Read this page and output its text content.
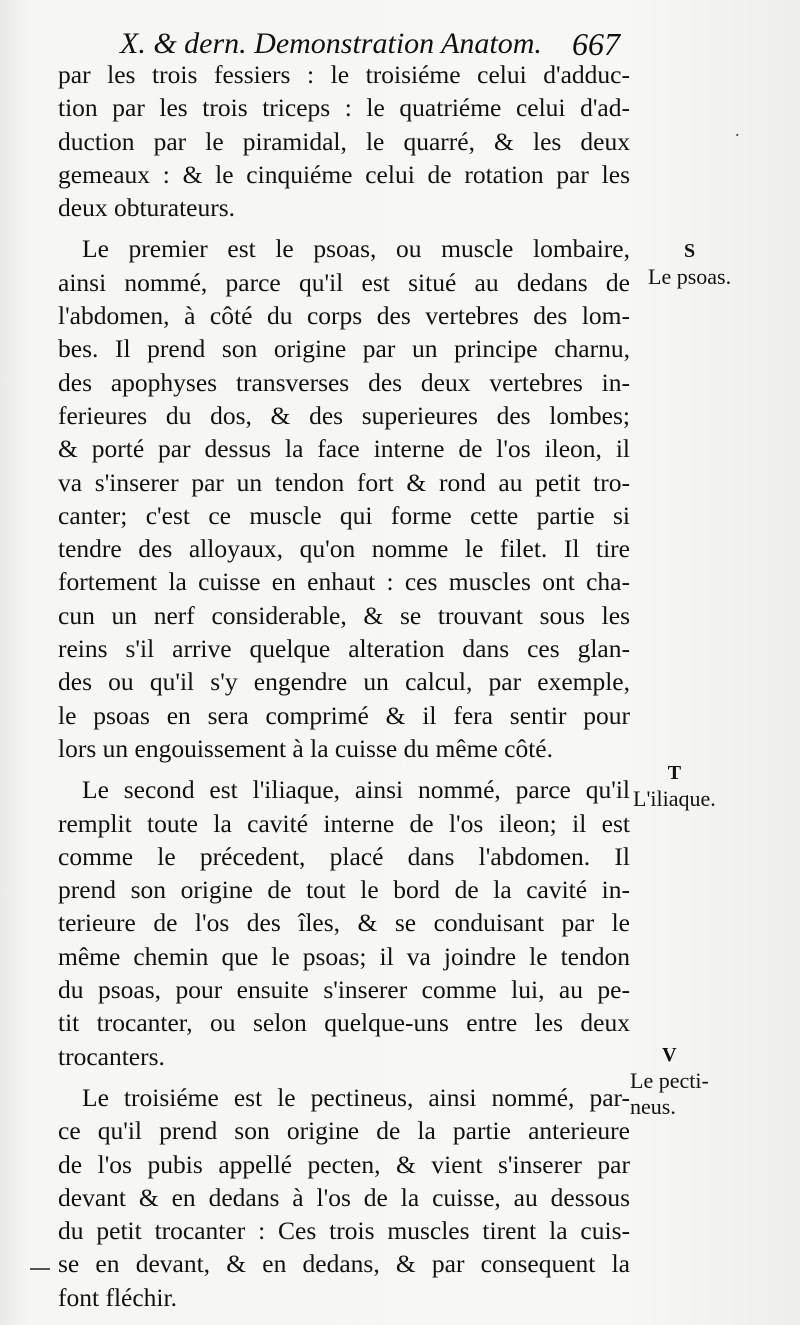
X. & dern. Demonstration Anatom. 667
par les trois fessiers : le troisiéme celui d'adduc-
tion par les trois triceps : le quatriéme celui d'ad-
duction par le piramidal, le quarré, & les deux
gemeaux : & le cinquiéme celui de rotation par les
deux obturateurs.
Le premier est le psoas, ou muscle lombaire,
ainsi nommé, parce qu'il est situé au dedans de
l'abdomen, à côté du corps des vertebres des lom-
bes. Il prend son origine par un principe charnu,
des apophyses transverses des deux vertebres in-
ferieures du dos, & des superieures des lombes;
& porté par dessus la face interne de l'os ileon, il
va s'inserer par un tendon fort & rond au petit tro-
canter; c'est ce muscle qui forme cette partie si
tendre des alloyaux, qu'on nomme le filet. Il tire
fortement la cuisse en enhaut : ces muscles ont cha-
cun un nerf considerable, & se trouvant sous les
reins s'il arrive quelque alteration dans ces glan-
des ou qu'il s'y engendre un calcul, par exemple,
le psoas en sera comprimé & il fera sentir pour
lors un engouissement à la cuisse du même côté.
Le second est l'iliaque, ainsi nommé, parce qu'il
remplit toute la cavité interne de l'os ileon; il est
comme le précedent, placé dans l'abdomen. Il
prend son origine de tout le bord de la cavité in-
terieure de l'os des îles, & se conduisant par le
même chemin que le psoas; il va joindre le tendon
du psoas, pour ensuite s'inserer comme lui, au pe-
tit trocanter, ou selon quelque-uns entre les deux
trocanters.
Le troisiéme est le pectineus, ainsi nommé, par-
ce qu'il prend son origine de la partie anterieure
de l'os pubis appellé pecten, & vient s'inserer par
devant & en dedans à l'os de la cuisse, au dessous
du petit trocanter : Ces trois muscles tirent la cuis-
se en devant, & en dedans, & par consequent la
font fléchir.
S
Le psoas.
T
L'iliaque.
V
Le pecti-
neus.
.
